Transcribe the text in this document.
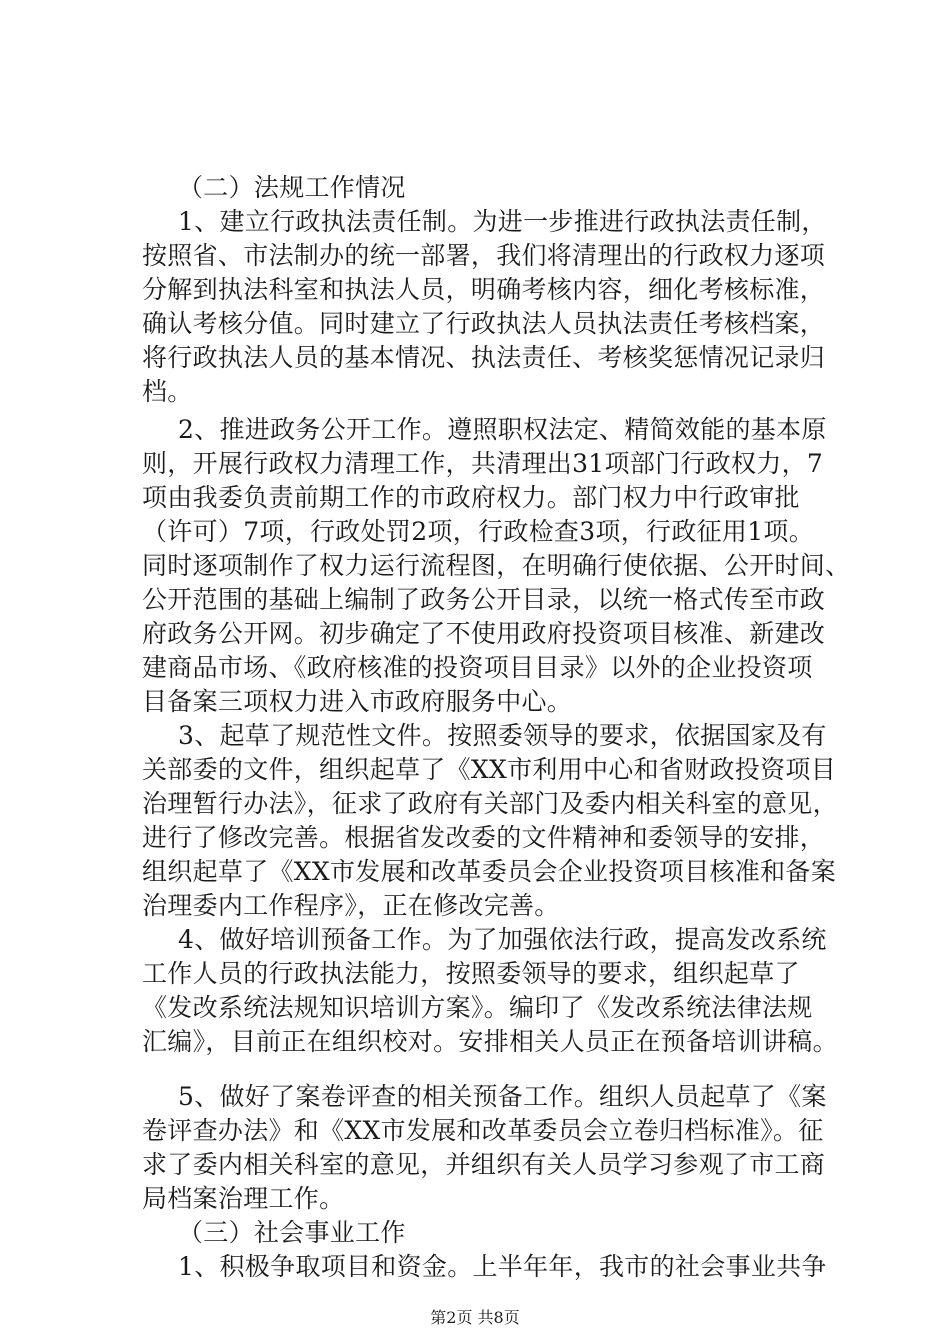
（二）法规工作情况
1、建立行政执法责任制。为进一步推进行政执法责任制，
按照省、市法制办的统一部署，我们将清理出的行政权力逐项
分解到执法科室和执法人员，明确考核内容，细化考核标准，
确认考核分值。同时建立了行政执法人员执法责任考核档案，
将行政执法人员的基本情况、执法责任、考核奖惩情况记录归
档。
2、推进政务公开工作。遵照职权法定、精简效能的基本原
则，开展行政权力清理工作，共清理出31项部门行政权力，7
项由我委负责前期工作的市政府权力。部门权力中行政审批
（许可）7项，行政处罚2项，行政检查3项，行政征用1项。
同时逐项制作了权力运行流程图，在明确行使依据、公开时间、
公开范围的基础上编制了政务公开目录，以统一格式传至市政
府政务公开网。初步确定了不使用政府投资项目核准、新建改
建商品市场、《政府核准的投资项目目录》以外的企业投资项
目备案三项权力进入市政府服务中心。
3、起草了规范性文件。按照委领导的要求，依据国家及有
关部委的文件，组织起草了《XX市利用中心和省财政投资项目
治理暂行办法》，征求了政府有关部门及委内相关科室的意见，
进行了修改完善。根据省发改委的文件精神和委领导的安排，
组织起草了《XX市发展和改革委员会企业投资项目核准和备案
治理委内工作程序》，正在修改完善。
4、做好培训预备工作。为了加强依法行政，提高发改系统
工作人员的行政执法能力，按照委领导的要求，组织起草了
《发改系统法规知识培训方案》。编印了《发改系统法律法规
汇编》，目前正在组织校对。安排相关人员正在预备培训讲稿。
5、做好了案卷评查的相关预备工作。组织人员起草了《案
卷评查办法》和《XX市发展和改革委员会立卷归档标准》。征
求了委内相关科室的意见，并组织有关人员学习参观了市工商
局档案治理工作。
（三）社会事业工作
1、积极争取项目和资金。上半年年，我市的社会事业共争
第2页 共8页
